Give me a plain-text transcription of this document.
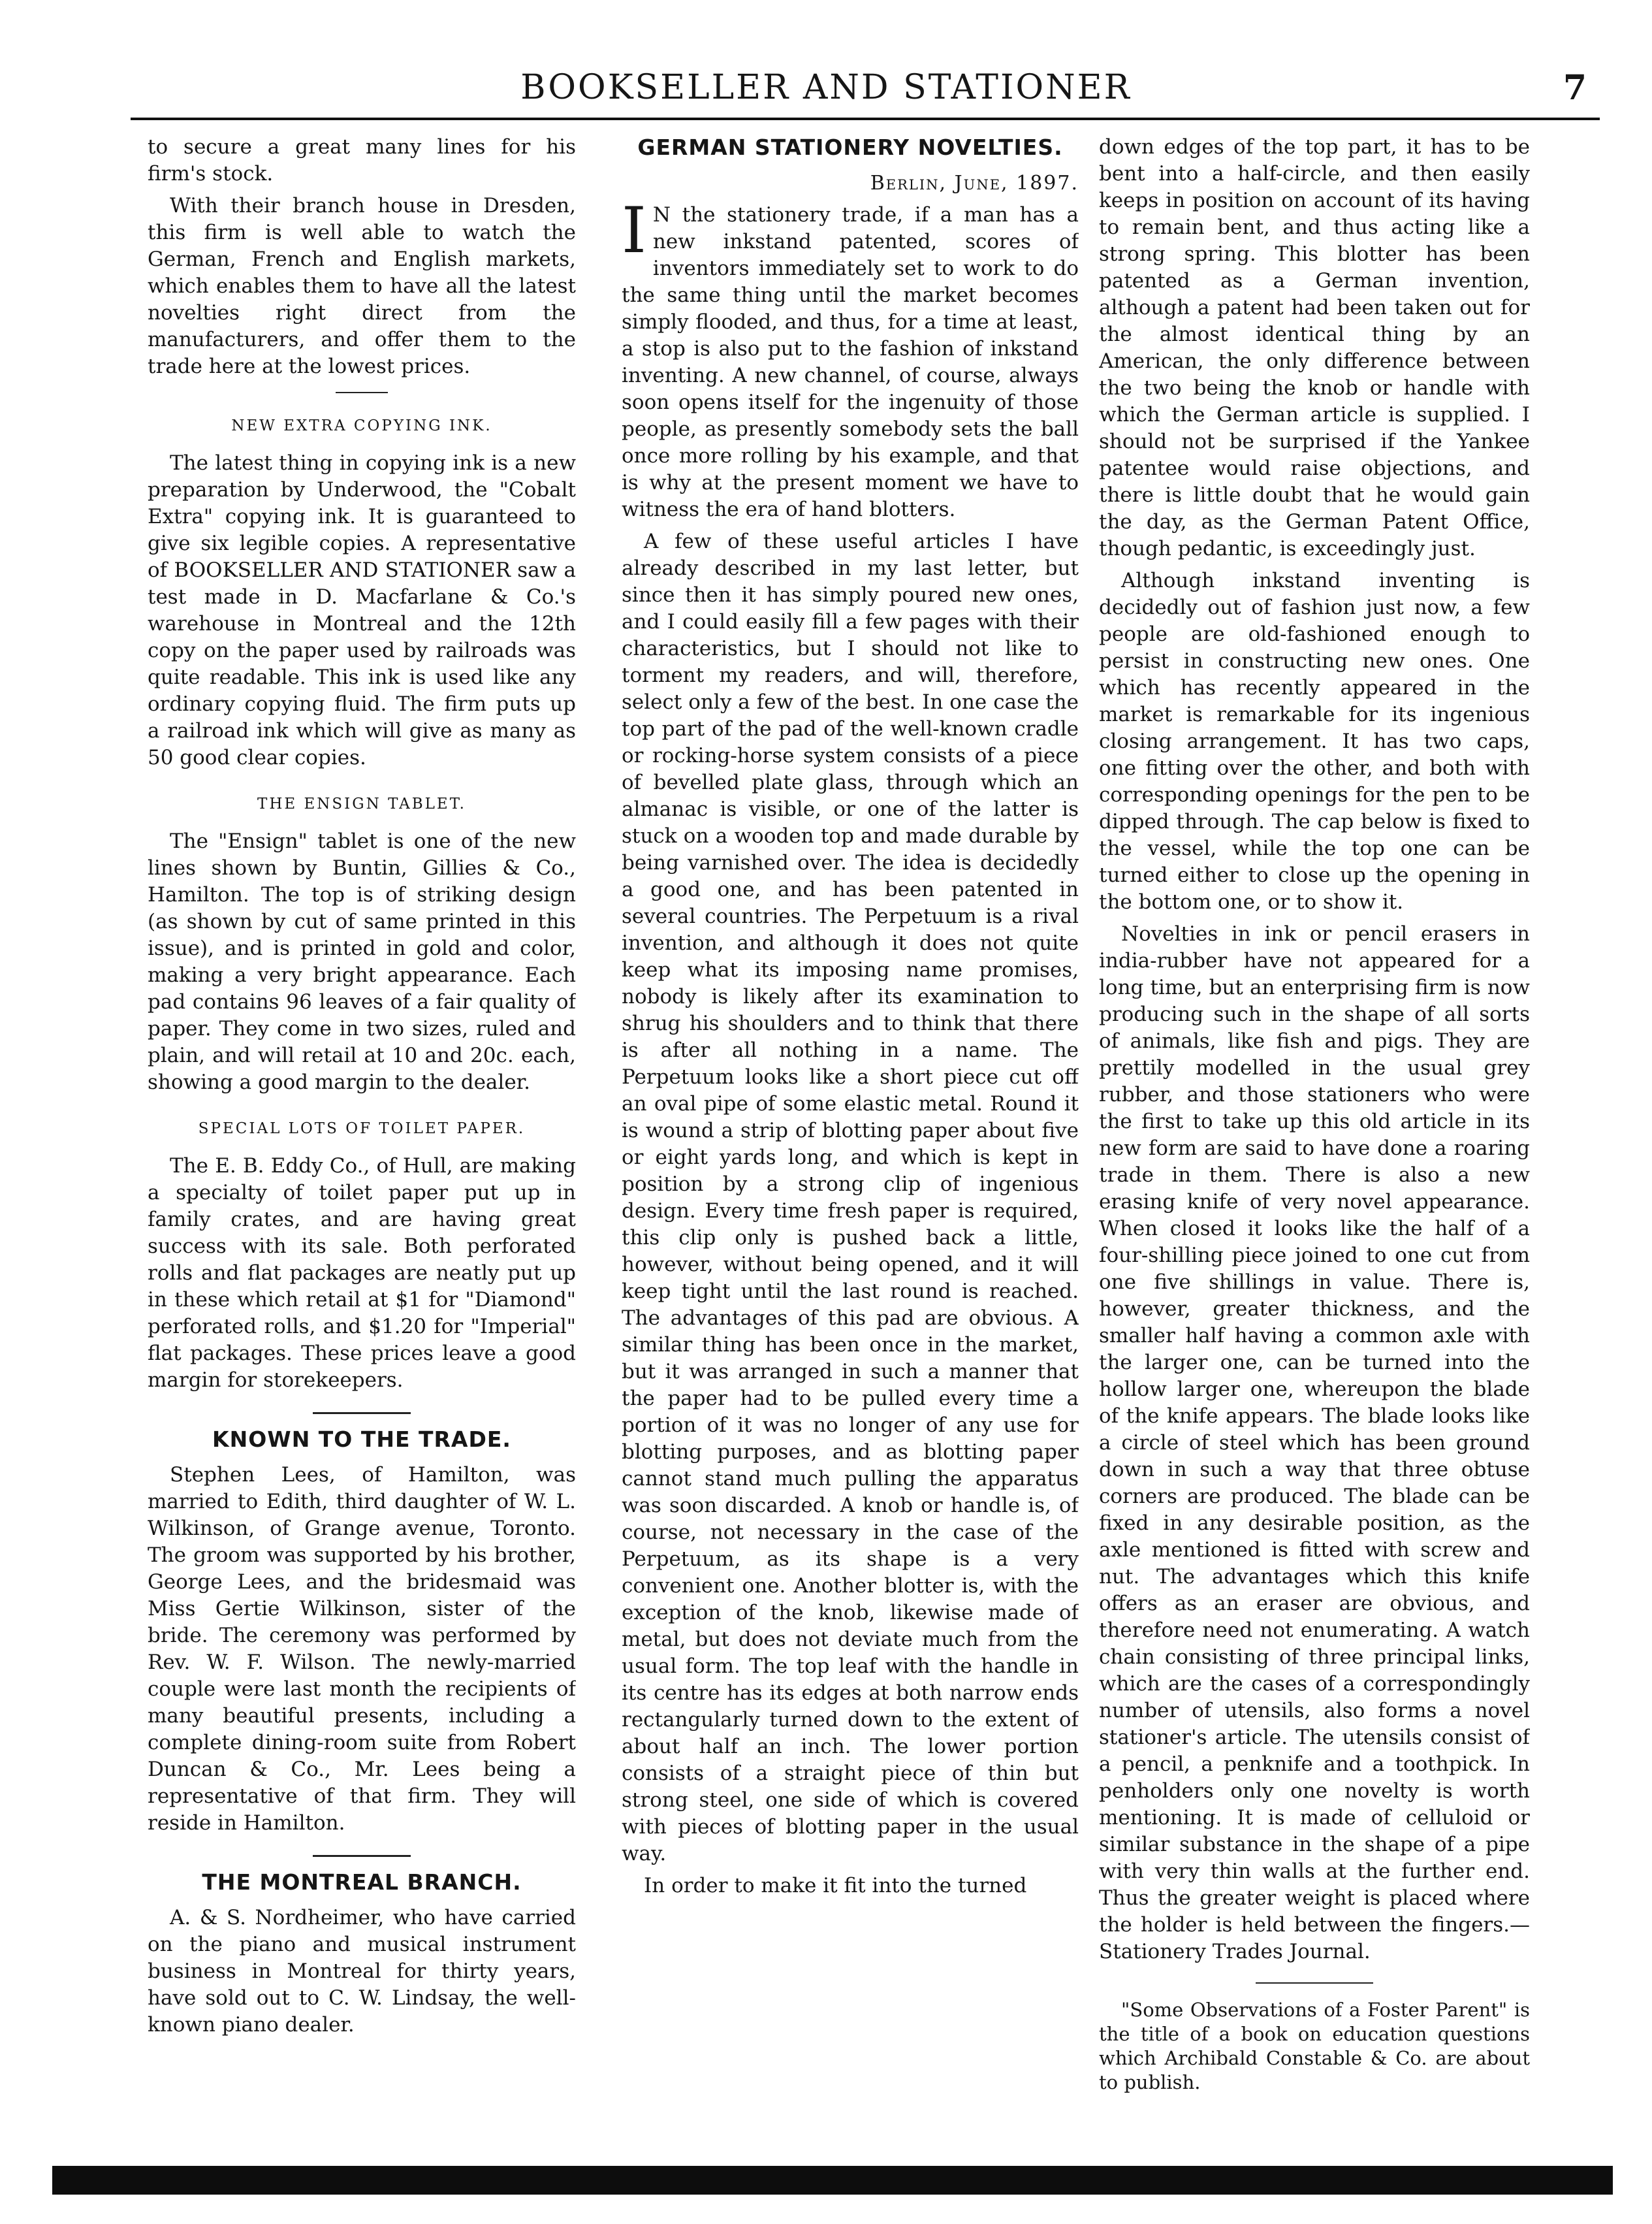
BOOKSELLER AND STATIONER	7

to secure a great many lines for his firm's stock.

With their branch house in Dresden, this firm is well able to watch the German, French and English markets, which enables them to have all the latest novelties right direct from the manufacturers, and offer them to the trade here at the lowest prices.

NEW EXTRA COPYING INK.

The latest thing in copying ink is a new preparation by Underwood, the "Cobalt Extra" copying ink. It is guaranteed to give six legible copies. A representative of BOOKSELLER AND STATIONER saw a test made in D. Macfarlane & Co.'s warehouse in Montreal and the 12th copy on the paper used by railroads was quite readable. This ink is used like any ordinary copying fluid. The firm puts up a railroad ink which will give as many as 50 good clear copies.

THE ENSIGN TABLET.

The "Ensign" tablet is one of the new lines shown by Buntin, Gillies & Co., Hamilton. The top is of striking design (as shown by cut of same printed in this issue), and is printed in gold and color, making a very bright appearance. Each pad contains 96 leaves of a fair quality of paper. They come in two sizes, ruled and plain, and will retail at 10 and 20c. each, showing a good margin to the dealer.

SPECIAL LOTS OF TOILET PAPER.

The E. B. Eddy Co., of Hull, are making a specialty of toilet paper put up in family crates, and are having great success with its sale. Both perforated rolls and flat packages are neatly put up in these which retail at $1 for "Diamond" perforated rolls, and $1.20 for "Imperial" flat packages. These prices leave a good margin for storekeepers.

KNOWN TO THE TRADE.

Stephen Lees, of Hamilton, was married to Edith, third daughter of W. L. Wilkinson, of Grange avenue, Toronto. The groom was supported by his brother, George Lees, and the bridesmaid was Miss Gertie Wilkinson, sister of the bride. The ceremony was performed by Rev. W. F. Wilson. The newly-married couple were last month the recipients of many beautiful presents, including a complete dining-room suite from Robert Duncan & Co., Mr. Lees being a representative of that firm. They will reside in Hamilton.

THE MONTREAL BRANCH.

A. & S. Nordheimer, who have carried on the piano and musical instrument business in Montreal for thirty years, have sold out to C. W. Lindsay, the well-known piano dealer.

GERMAN STATIONERY NOVELTIES.
Berlin, June, 1897.

I N the stationery trade, if a man has a new inkstand patented, scores of inventors immediately set to work to do the same thing until the market becomes simply flooded, and thus, for a time at least, a stop is also put to the fashion of inkstand inventing. A new channel, of course, always soon opens itself for the ingenuity of those people, as presently somebody sets the ball once more rolling by his example, and that is why at the present moment we have to witness the era of hand blotters.

A few of these useful articles I have already described in my last letter, but since then it has simply poured new ones, and I could easily fill a few pages with their characteristics, but I should not like to torment my readers, and will, therefore, select only a few of the best. In one case the top part of the pad of the well-known cradle or rocking-horse system consists of a piece of bevelled plate glass, through which an almanac is visible, or one of the latter is stuck on a wooden top and made durable by being varnished over. The idea is decidedly a good one, and has been patented in several countries. The Perpetuum is a rival invention, and although it does not quite keep what its imposing name promises, nobody is likely after its examination to shrug his shoulders and to think that there is after all nothing in a name. The Perpetuum looks like a short piece cut off an oval pipe of some elastic metal. Round it is wound a strip of blotting paper about five or eight yards long, and which is kept in position by a strong clip of ingenious design. Every time fresh paper is required, this clip only is pushed back a little, however, without being opened, and it will keep tight until the last round is reached. The advantages of this pad are obvious. A similar thing has been once in the market, but it was arranged in such a manner that the paper had to be pulled every time a portion of it was no longer of any use for blotting purposes, and as blotting paper cannot stand much pulling the apparatus was soon discarded. A knob or handle is, of course, not necessary in the case of the Perpetuum, as its shape is a very convenient one. Another blotter is, with the exception of the knob, likewise made of metal, but does not deviate much from the usual form. The top leaf with the handle in its centre has its edges at both narrow ends rectangularly turned down to the extent of about half an inch. The lower portion consists of a straight piece of thin but strong steel, one side of which is covered with pieces of blotting paper in the usual way.

In order to make it fit into the turned

down edges of the top part, it has to be bent into a half-circle, and then easily keeps in position on account of its having to remain bent, and thus acting like a strong spring. This blotter has been patented as a German invention, although a patent had been taken out for the almost identical thing by an American, the only difference between the two being the knob or handle with which the German article is supplied. I should not be surprised if the Yankee patentee would raise objections, and there is little doubt that he would gain the day, as the German Patent Office, though pedantic, is exceedingly just.

Although inkstand inventing is decidedly out of fashion just now, a few people are old-fashioned enough to persist in constructing new ones. One which has recently appeared in the market is remarkable for its ingenious closing arrangement. It has two caps, one fitting over the other, and both with corresponding openings for the pen to be dipped through. The cap below is fixed to the vessel, while the top one can be turned either to close up the opening in the bottom one, or to show it.

Novelties in ink or pencil erasers in india-rubber have not appeared for a long time, but an enterprising firm is now producing such in the shape of all sorts of animals, like fish and pigs. They are prettily modelled in the usual grey rubber, and those stationers who were the first to take up this old article in its new form are said to have done a roaring trade in them. There is also a new erasing knife of very novel appearance. When closed it looks like the half of a four-shilling piece joined to one cut from one five shillings in value. There is, however, greater thickness, and the smaller half having a common axle with the larger one, can be turned into the hollow larger one, whereupon the blade of the knife appears. The blade looks like a circle of steel which has been ground down in such a way that three obtuse corners are produced. The blade can be fixed in any desirable position, as the axle mentioned is fitted with screw and nut. The advantages which this knife offers as an eraser are obvious, and therefore need not enumerating. A watch chain consisting of three principal links, which are the cases of a correspondingly number of utensils, also forms a novel stationer's article. The utensils consist of a pencil, a penknife and a toothpick. In penholders only one novelty is worth mentioning. It is made of celluloid or similar substance in the shape of a pipe with very thin walls at the further end. Thus the greater weight is placed where the holder is held between the fingers.—Stationery Trades Journal.

"Some Observations of a Foster Parent" is the title of a book on education questions which Archibald Constable & Co. are about to publish.
